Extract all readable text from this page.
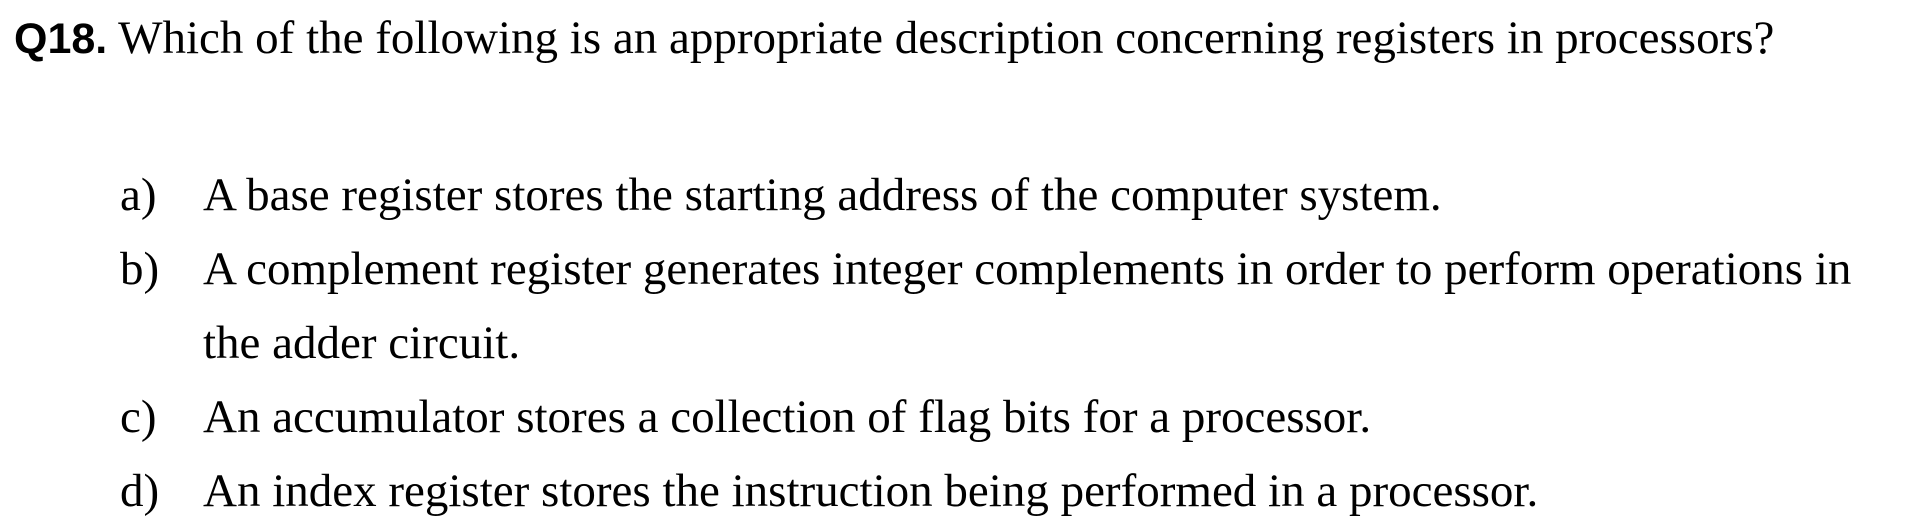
Q18. Which of the following is an appropriate description concerning registers in processors?
a) A base register stores the starting address of the computer system.
b) A complement register generates integer complements in order to perform operations in the adder circuit.
c) An accumulator stores a collection of flag bits for a processor.
d) An index register stores the instruction being performed in a processor.
